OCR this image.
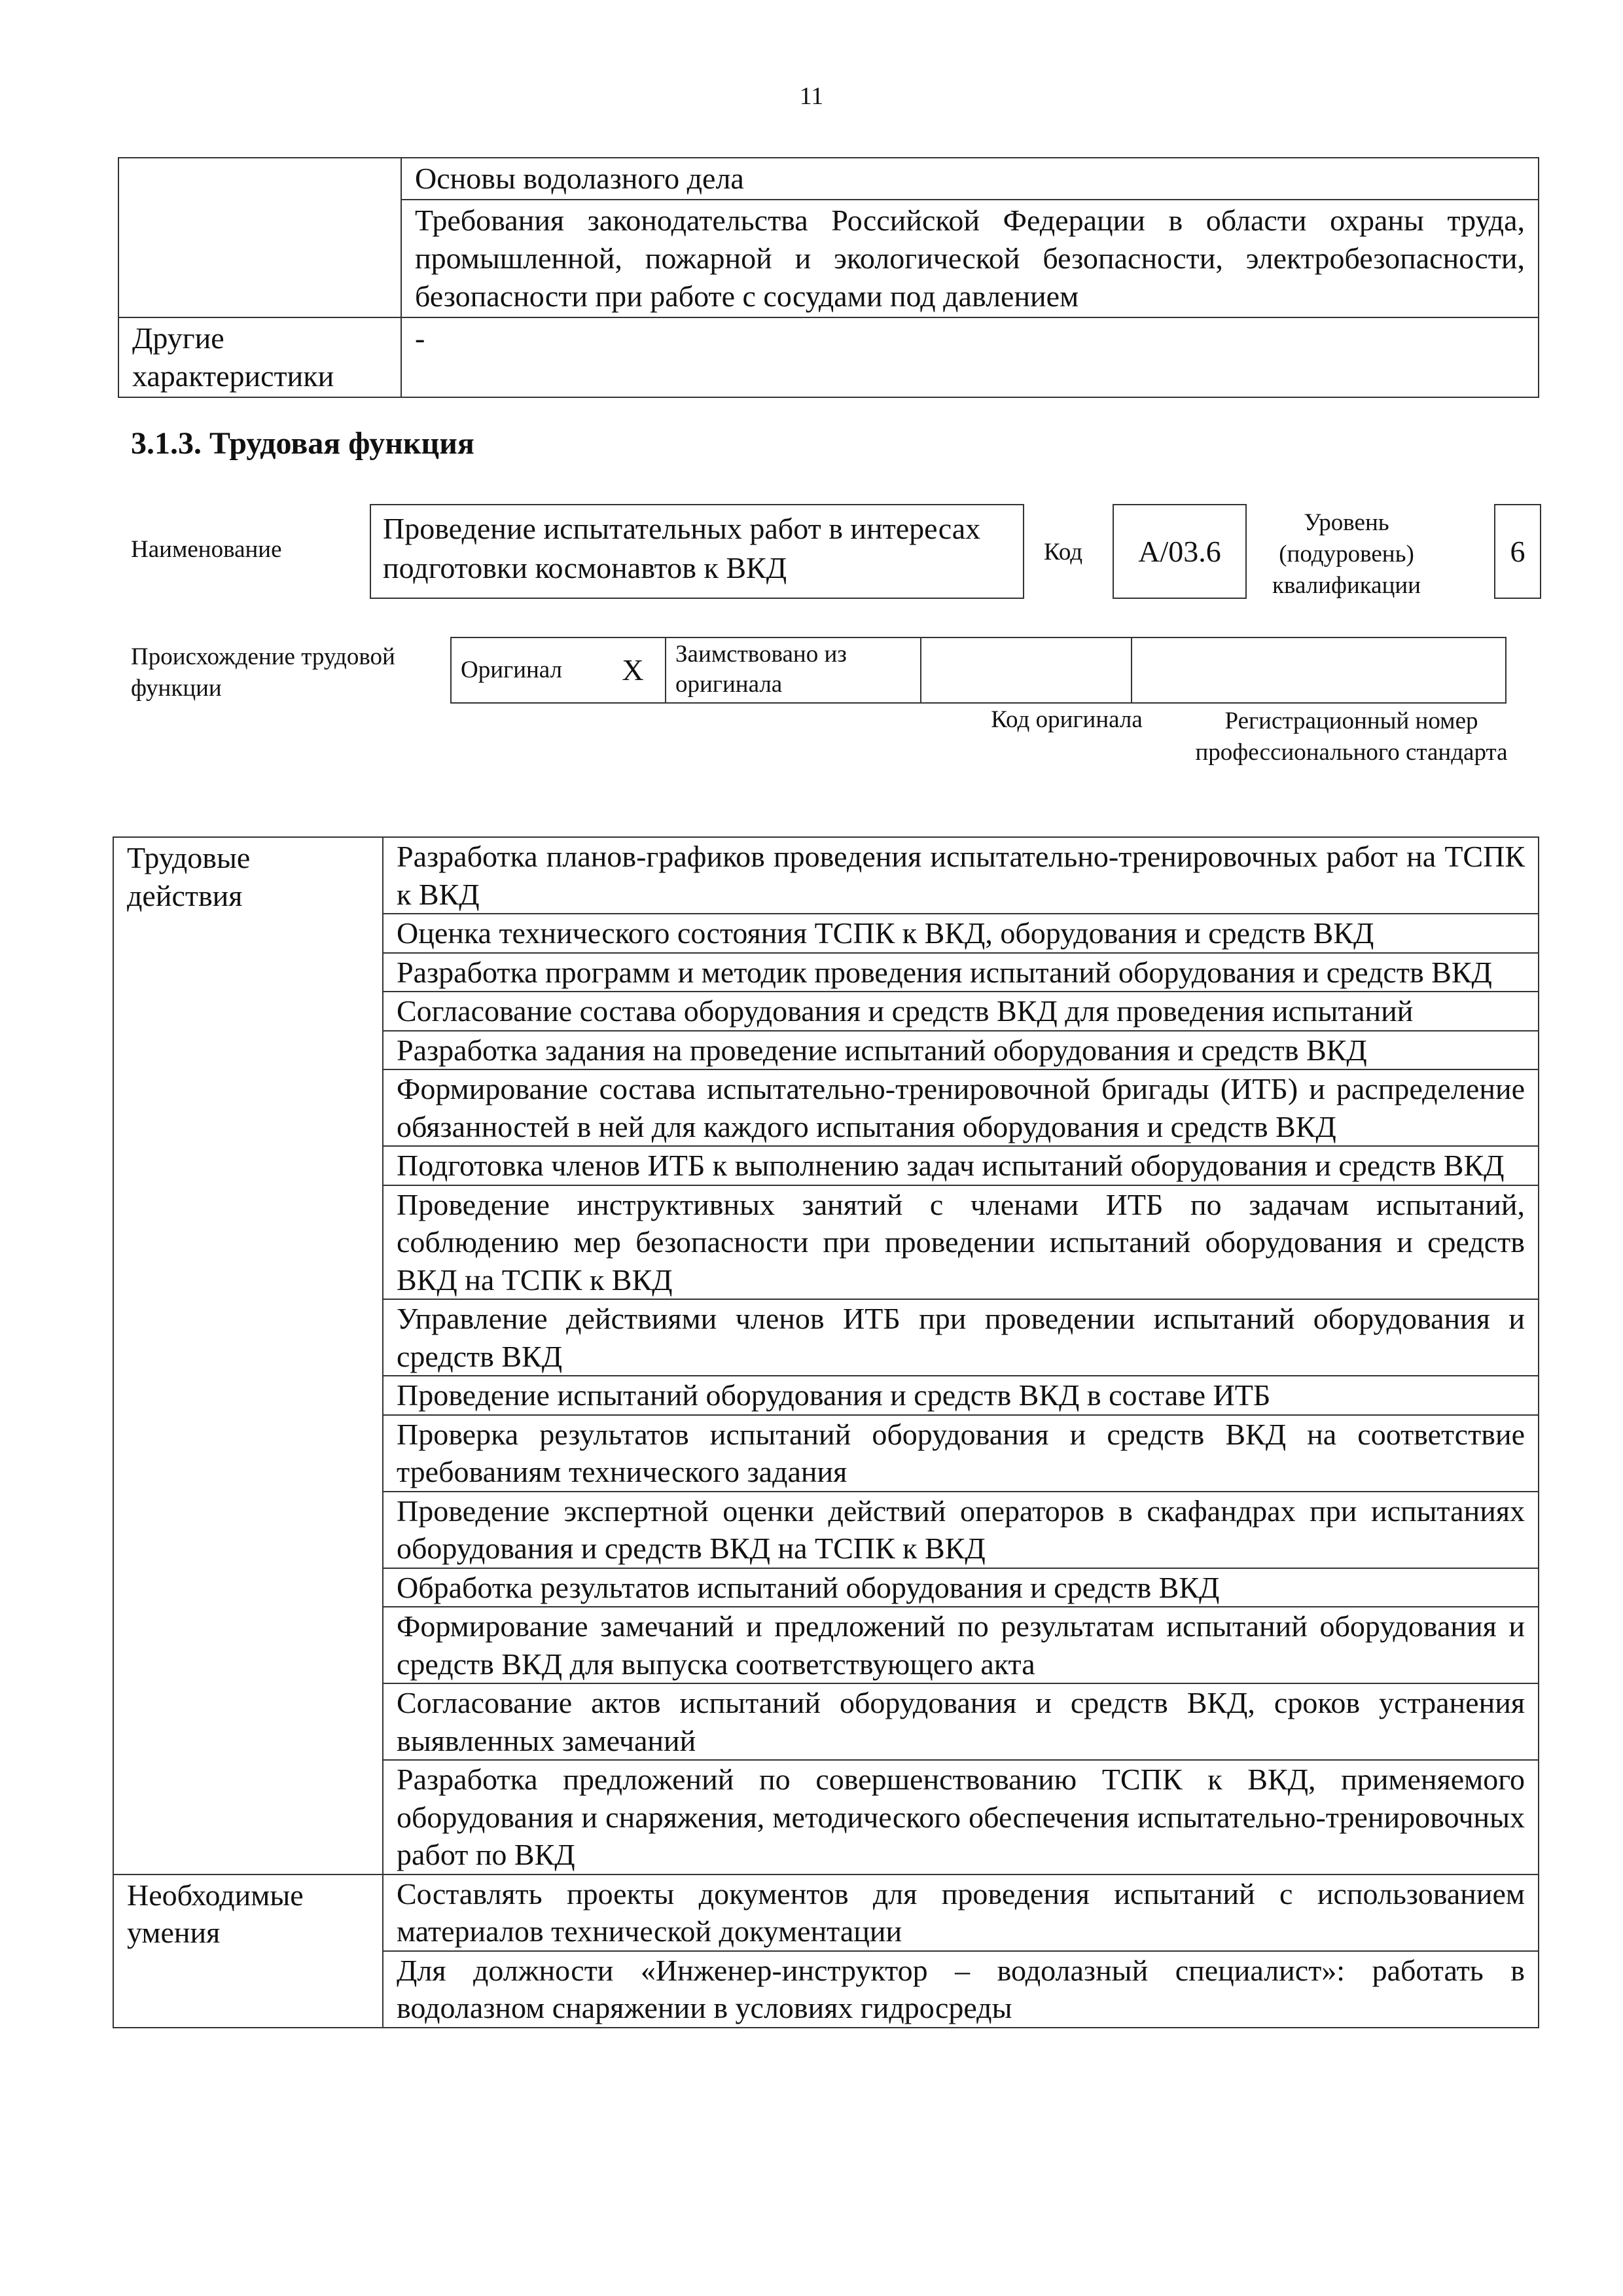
11
	Основы водолазного дела
	Требования законодательства Российской Федерации в области охраны труда, промышленной, пожарной и экологической безопасности, электробезопасности, безопасности при работе с сосудами под давлением
Другие характеристики	-
3.1.3. Трудовая функция
Наименование
Проведение испытательных работ в интересах подготовки космонавтов к ВКД	Код	А/03.6
Уровень (подуровень) квалификации
6
Происхождение трудовой функции
Оригинал	X	Заимствовано из оригинала		
Код оригинала	Регистрационный номер профессионального стандарта
Трудовые действия	Разработка планов-графиков проведения испытательно-тренировочных работ на ТСПК к ВКД
	Оценка технического состояния ТСПК к ВКД, оборудования и средств ВКД
	Разработка программ и методик проведения испытаний оборудования и средств ВКД
	Согласование состава оборудования и средств ВКД для проведения испытаний
	Разработка задания на проведение испытаний оборудования и средств ВКД
	Формирование состава испытательно-тренировочной бригады (ИТБ) и распределение обязанностей в ней для каждого испытания оборудования и средств ВКД
	Подготовка членов ИТБ к выполнению задач испытаний оборудования и средств ВКД
	Проведение инструктивных занятий с членами ИТБ по задачам испытаний, соблюдению мер безопасности при проведении испытаний оборудования и средств ВКД на ТСПК к ВКД
	Управление действиями членов ИТБ при проведении испытаний оборудования и средств ВКД
	Проведение испытаний оборудования и средств ВКД в составе ИТБ
	Проверка результатов испытаний оборудования и средств ВКД на соответствие требованиям технического задания
	Проведение экспертной оценки действий операторов в скафандрах при испытаниях оборудования и средств ВКД на ТСПК к ВКД
	Обработка результатов испытаний оборудования и средств ВКД
	Формирование замечаний и предложений по результатам испытаний оборудования и средств ВКД для выпуска соответствующего акта
	Согласование актов испытаний оборудования и средств ВКД, сроков устранения выявленных замечаний
	Разработка предложений по совершенствованию ТСПК к ВКД, применяемого оборудования и снаряжения, методического обеспечения испытательно-тренировочных работ по ВКД
Необходимые умения	Составлять проекты документов для проведения испытаний с использованием материалов технической документации
	Для должности «Инженер-инструктор – водолазный специалист»: работать в водолазном снаряжении в условиях гидросреды
